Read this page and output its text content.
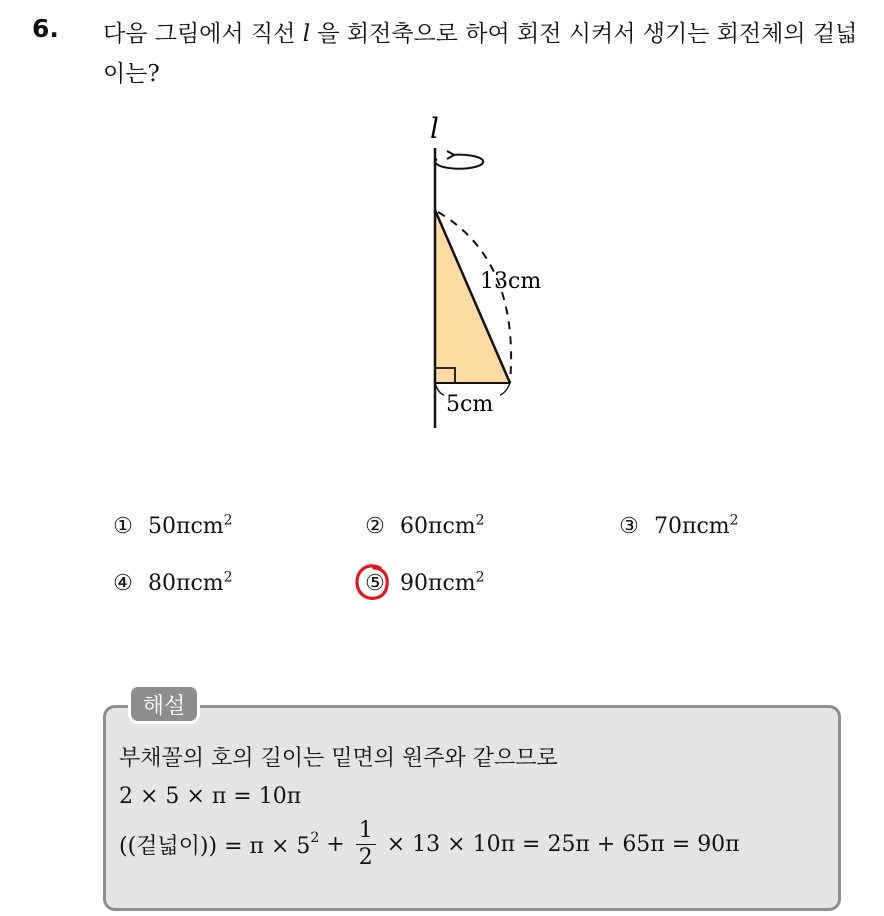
6. 다음 그림에서 직선 l 을 회전축으로 하여 회전 시켜서 생기는 회전체의 겉넓이는?
l
13cm
5cm
① 50πcm$^2$	② 60πcm$^2$	③ 70πcm$^2$
④ 80πcm$^2$	⑤ 90πcm$^2$
해설
부채꼴의 호의 길이는 밑면의 원주와 같으므로
2 × 5 × π = 10π
((겉넓이)) = $\pi \times 5^2 + \frac{1}{2} \times 13 \times 10\pi = 25\pi + 65\pi = 90\pi$
